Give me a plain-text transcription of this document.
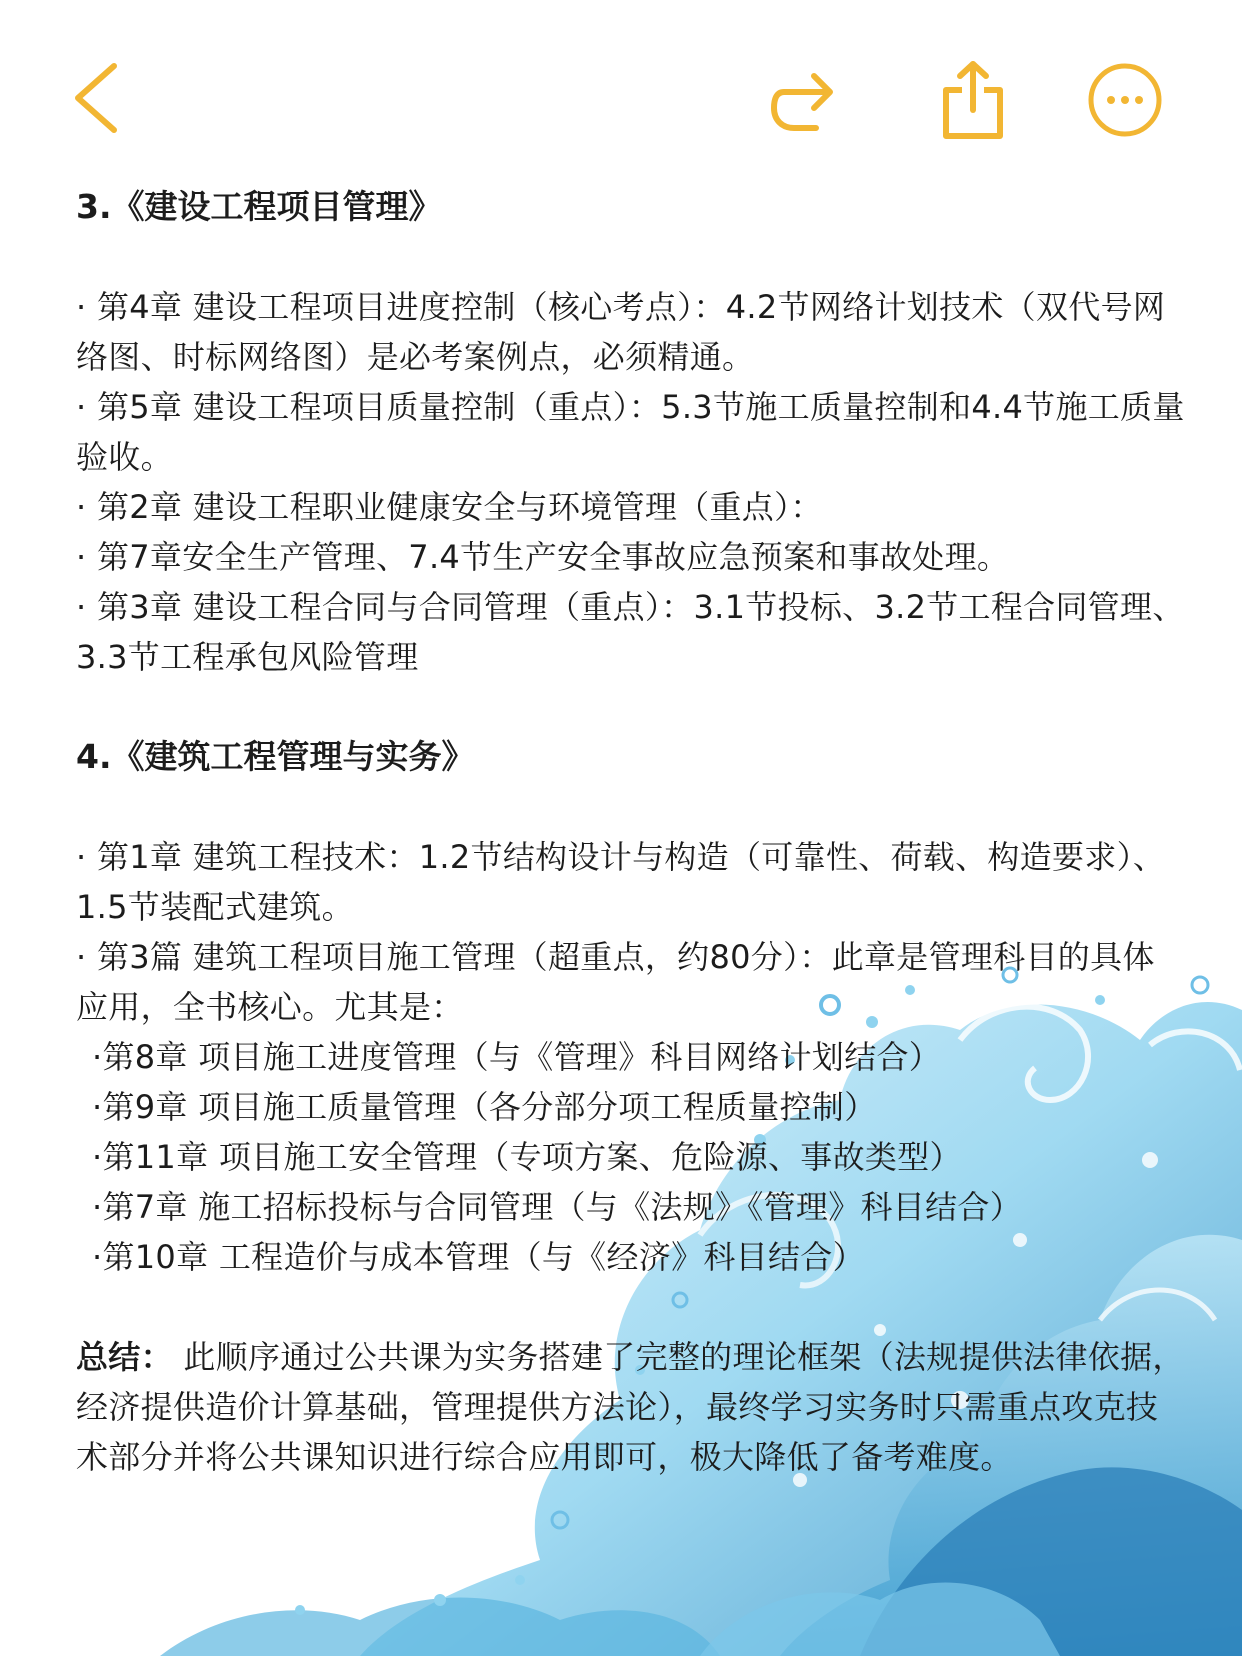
3.《建设工程项目管理》

· 第4章 建设工程项目进度控制（核心考点）：4.2节网络计划技术（双代号网络图、时标网络图）是必考案例点，必须精通。

· 第5章 建设工程项目质量控制（重点）：5.3节施工质量控制和4.4节施工质量验收。

· 第2章 建设工程职业健康安全与环境管理（重点）：

· 第7章安全生产管理、7.4节生产安全事故应急预案和事故处理。

· 第3章 建设工程合同与合同管理（重点）：3.1节投标、3.2节工程合同管理、3.3节工程承包风险管理

4.《建筑工程管理与实务》

· 第1章 建筑工程技术：1.2节结构设计与构造（可靠性、荷载、构造要求）、1.5节装配式建筑。

· 第3篇 建筑工程项目施工管理（超重点，约80分）：此章是管理科目的具体应用，全书核心。尤其是：

·第8章 项目施工进度管理（与《管理》科目网络计划结合）

·第9章 项目施工质量管理（各分部分项工程质量控制）

·第11章 项目施工安全管理（专项方案、危险源、事故类型）

·第7章 施工招标投标与合同管理（与《法规》《管理》科目结合）

·第10章 工程造价与成本管理（与《经济》科目结合）

总结： 此顺序通过公共课为实务搭建了完整的理论框架（法规提供法律依据，经济提供造价计算基础，管理提供方法论），最终学习实务时只需重点攻克技术部分并将公共课知识进行综合应用即可，极大降低了备考难度。
